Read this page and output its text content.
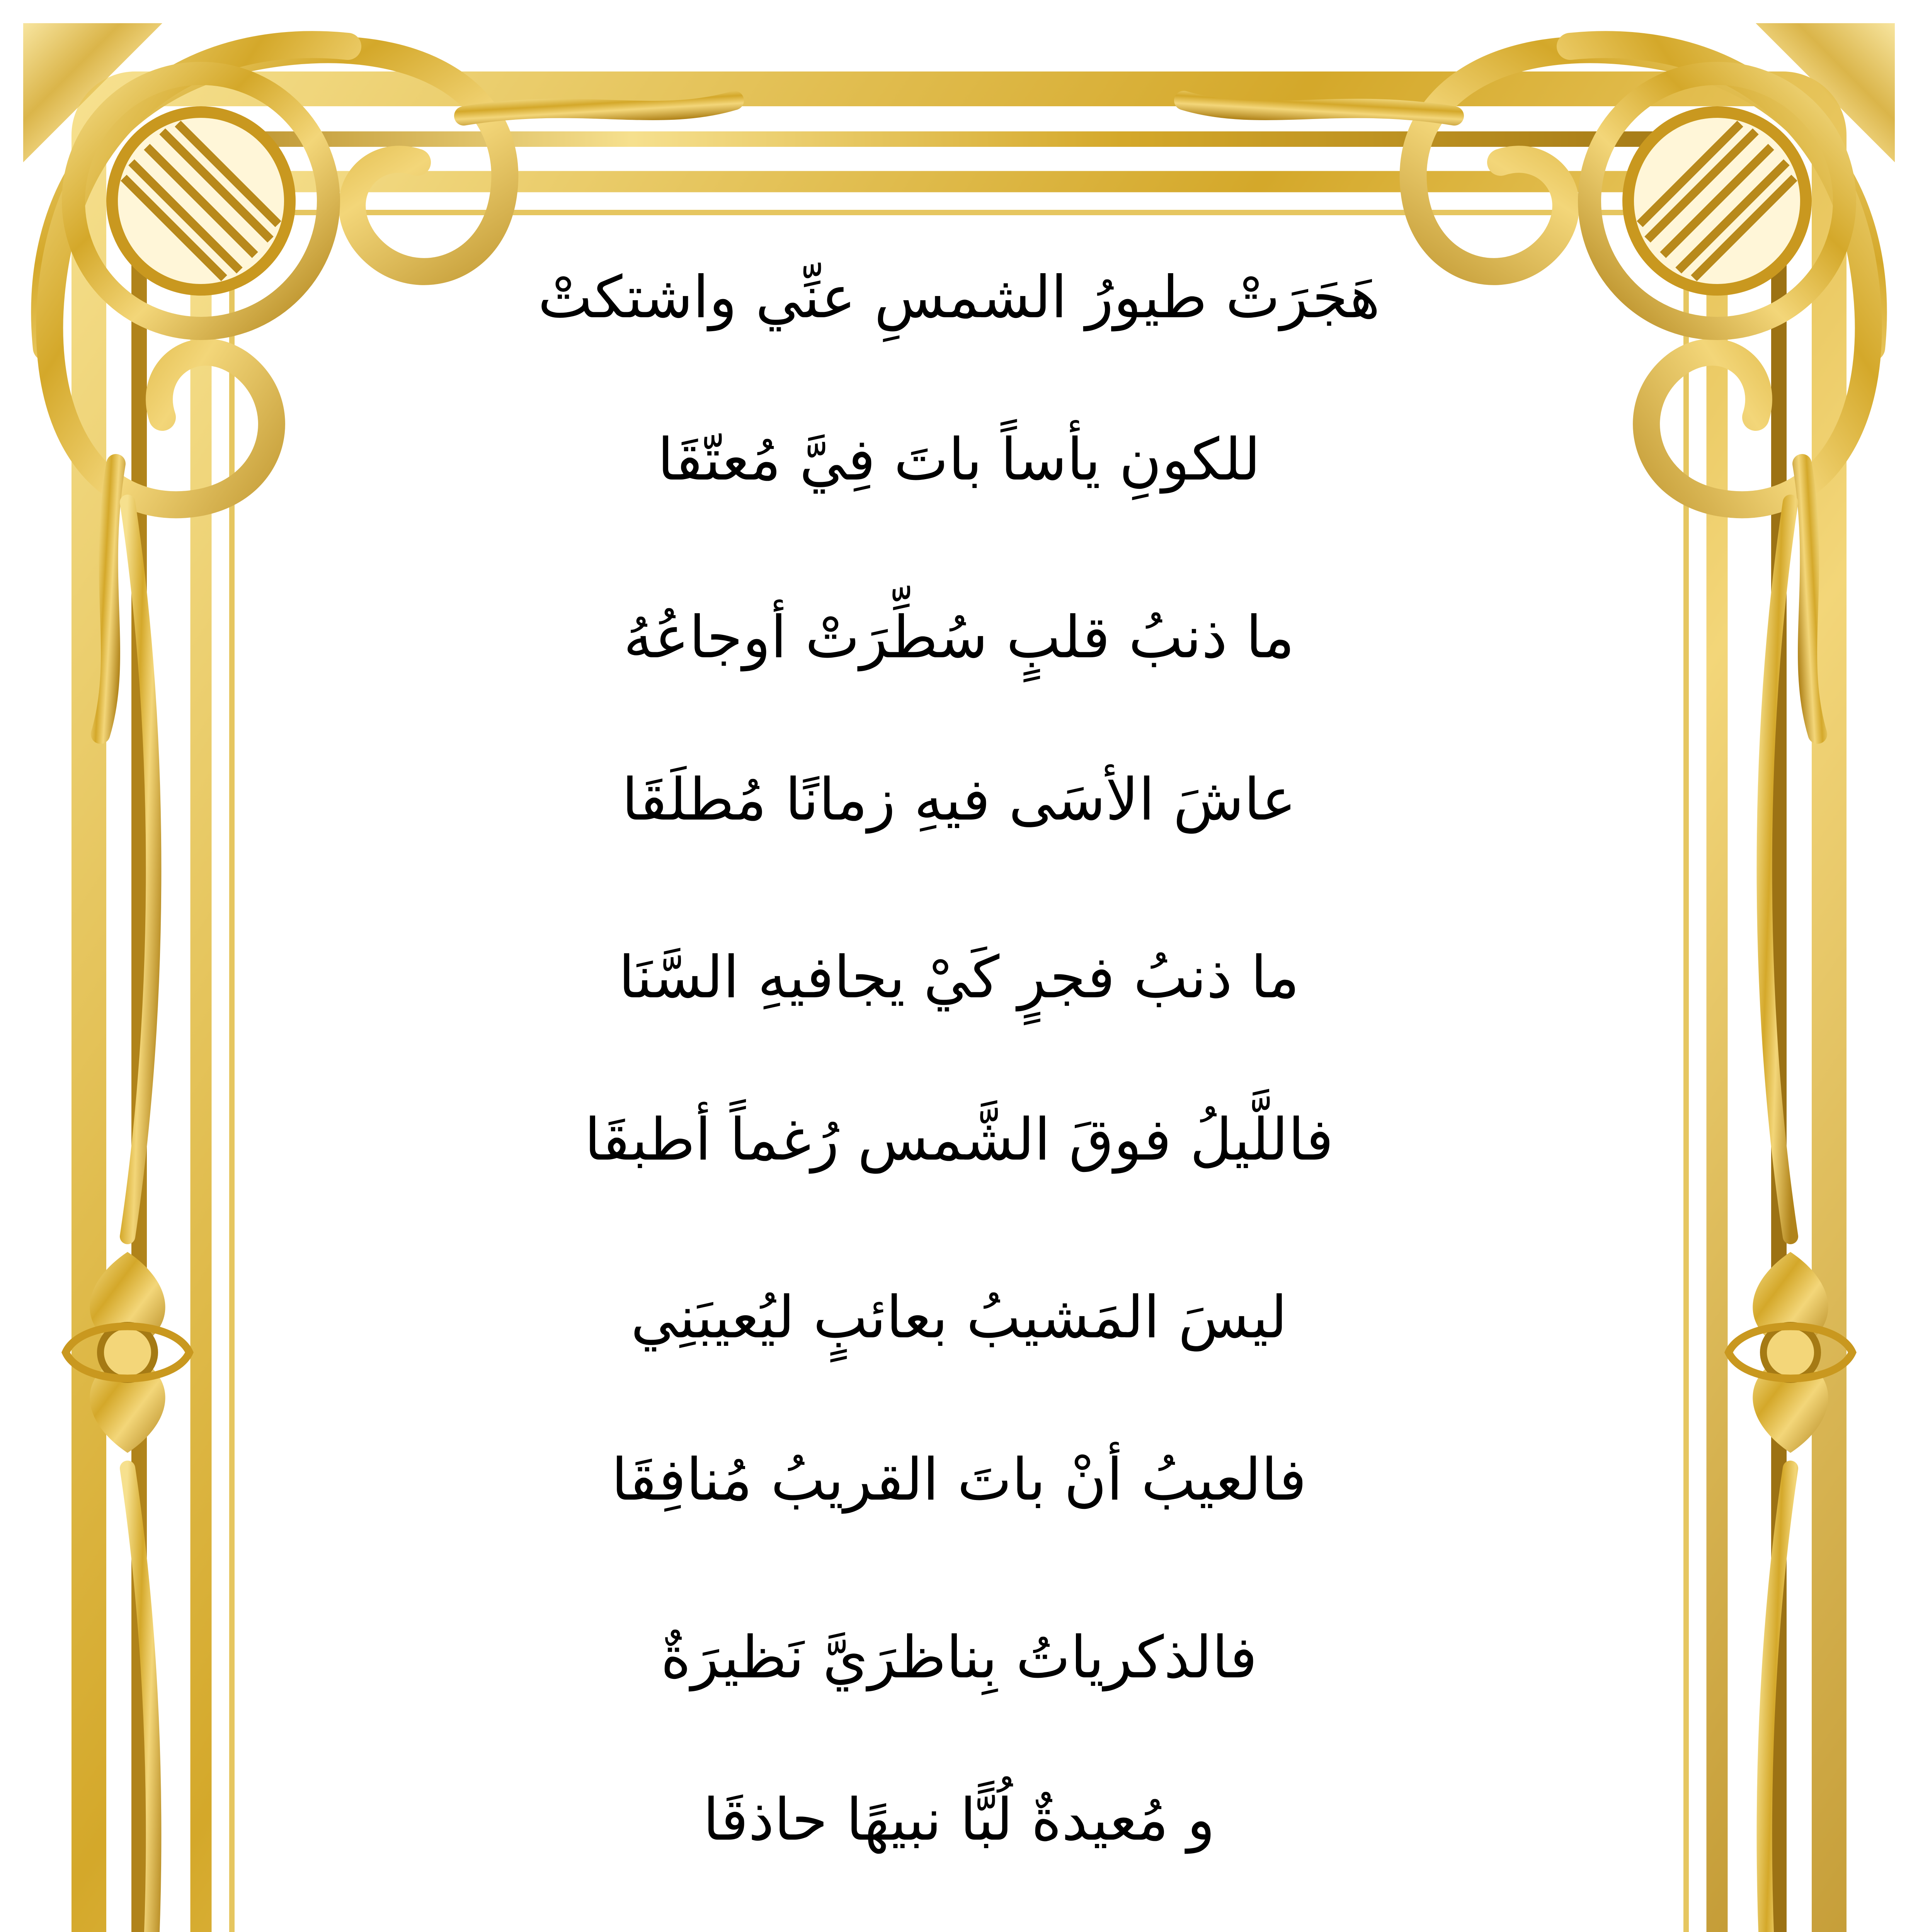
هَجَرَتْ طيورُ الشمسِ عنِّي واشتكتْ
للكونِ يأساً باتَ فِيَّ مُعتّقَا
ما ذنبُ قلبٍ سُطِّرَتْ أوجاعُهُ
عاشَ الأسَى فيهِ زمانًا مُطلَقَا
ما ذنبُ فجرٍ كَيْ يجافيهِ السَّنَا
فاللَّيلُ فوقَ الشَّمس رُغماً أطبقَا
ليسَ المَشيبُ بعائبٍ ليُعيبَنِي
فالعيبُ أنْ باتَ القريبُ مُنافِقَا
فالذكرياتُ بِناظرَيَّ نَظيرَةٌ
و مُعيدةٌ لُبًّا نبيهًا حاذقَا
